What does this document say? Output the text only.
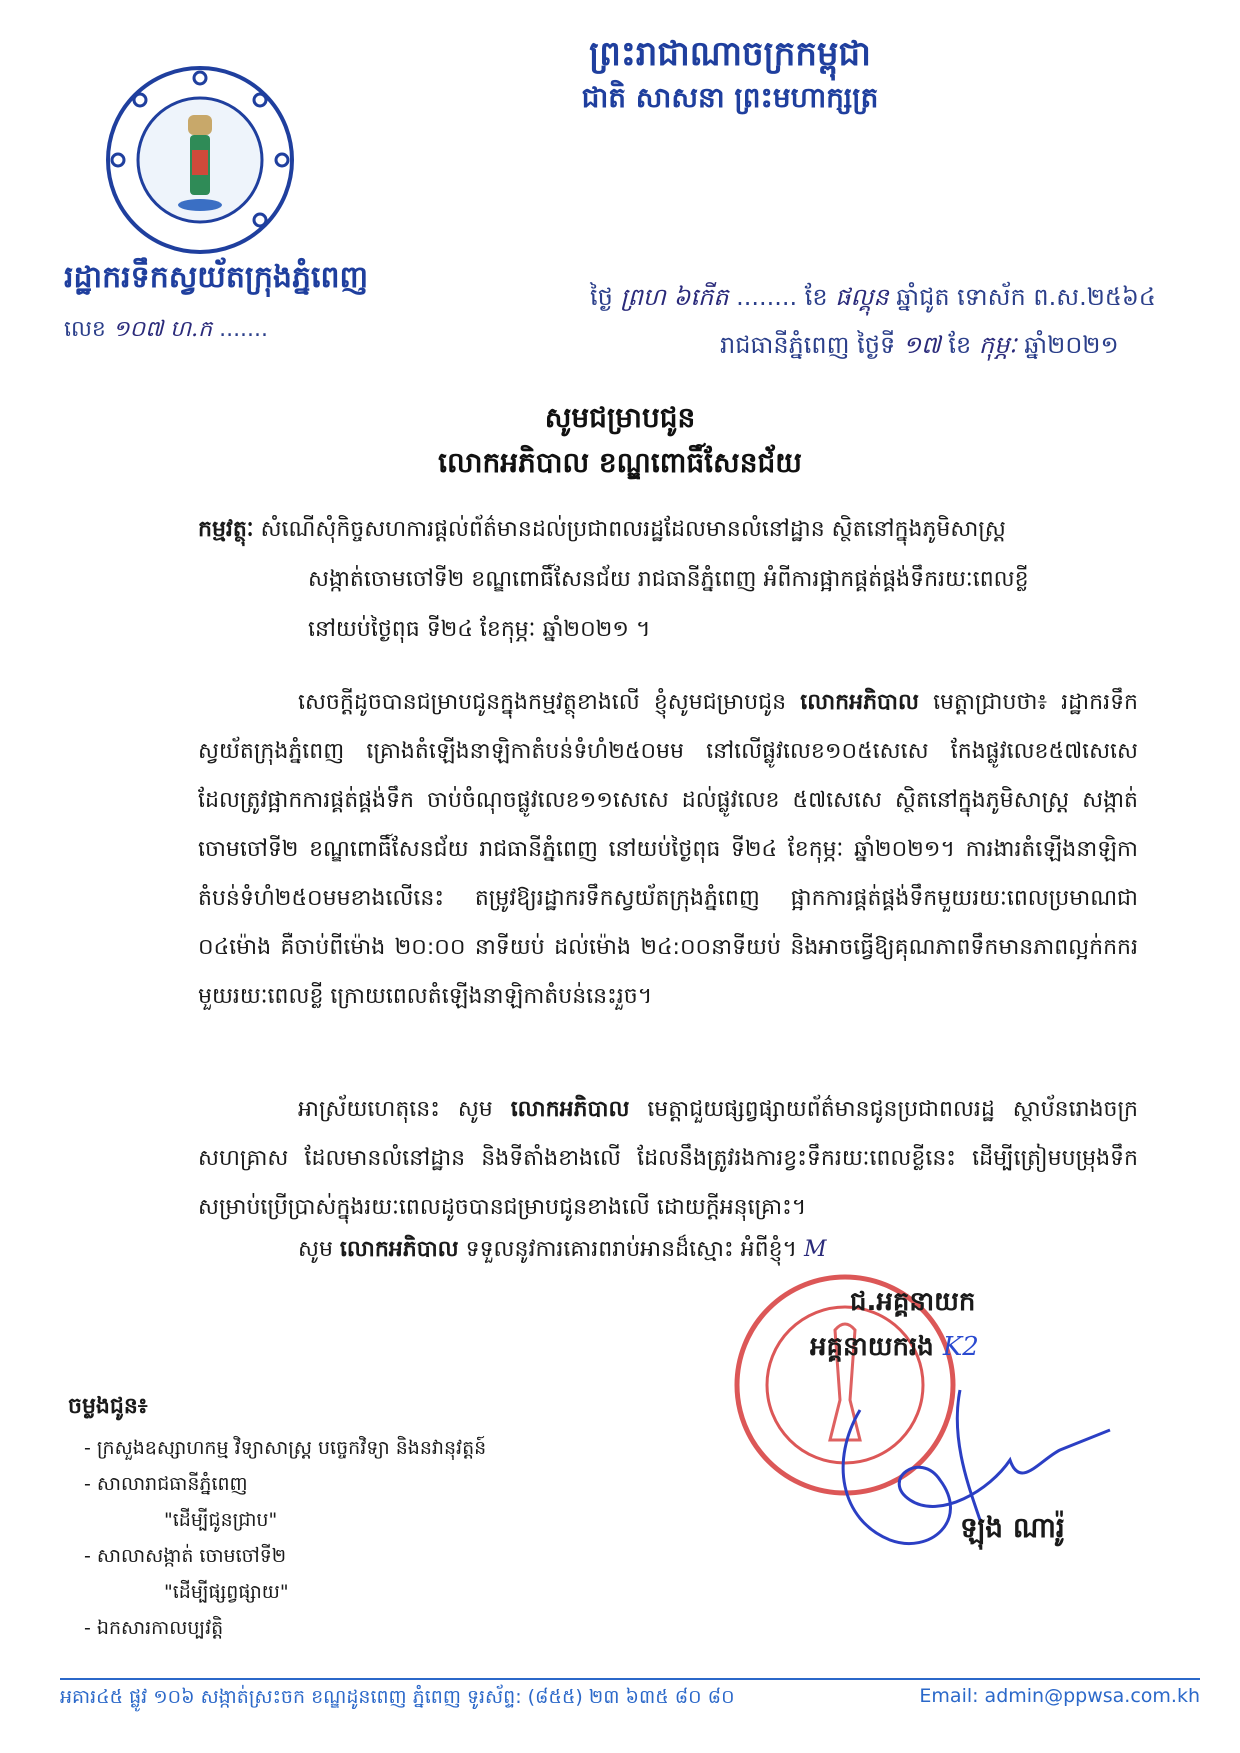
ព្រះរាជាណាចក្រកម្ពុជា
ជាតិ សាសនា ព្រះមហាក្សត្រ
រដ្ឋាករទឹកស្វយ័តក្រុងភ្នំពេញ
លេខ ១០៧ ហ.ក .......
ថ្ងៃ ព្រហ ៦កើត ........ ខែ ផល្គុន ឆ្នាំជូត ទោស័ក ព.ស.២៥៦៤
រាជធានីភ្នំពេញ ថ្ងៃទី ១៧ ខែ កុម្ភៈ ឆ្នាំ២០២១
សូមជម្រាបជូន
លោកអភិបាល ខណ្ឌពោធិ៍សែនជ័យ
កម្មវត្ថុៈ សំណើសុំកិច្ចសហការផ្តល់ព័ត៌មានដល់ប្រជាពលរដ្ឋដែលមានលំនៅដ្ឋាន ស្ថិតនៅក្នុងភូមិសាស្ត្រ
សង្កាត់ចោមចៅទី២ ខណ្ឌពោធិ៍សែនជ័យ រាជធានីភ្នំពេញ អំពីការផ្អាកផ្គត់ផ្គង់ទឹករយៈពេលខ្លី
នៅយប់ថ្ងៃពុធ ទី២៤ ខែកុម្ភៈ ឆ្នាំ២០២១ ។
សេចក្តីដូចបានជម្រាបជូនក្នុងកម្មវត្ថុខាងលើ ខ្ញុំសូមជម្រាបជូន លោកអភិបាល មេត្តាជ្រាបថា៖ រដ្ឋាករទឹកស្វយ័តក្រុងភ្នំពេញ គ្រោងតំឡើងនាឡិកាតំបន់ទំហំ២៥០មម នៅលើផ្លូវលេខ១០៥សេសេ កែងផ្លូវលេខ៥៧សេសេ ដែលត្រូវផ្អាកការផ្គត់ផ្គង់ទឹក ចាប់ចំណុចផ្លូវលេខ១១សេសេ ដល់ផ្លូវលេខ ៥៧សេសេ ស្ថិតនៅក្នុងភូមិសាស្ត្រ សង្កាត់ចោមចៅទី២ ខណ្ឌពោធិ៍សែនជ័យ រាជធានីភ្នំពេញ នៅយប់ថ្ងៃពុធ ទី២៤ ខែកុម្ភៈ ឆ្នាំ២០២១។ ការងារតំឡើងនាឡិកាតំបន់ទំហំ២៥០មមខាងលើនេះ តម្រូវឱ្យរដ្ឋាករទឹកស្វយ័តក្រុងភ្នំពេញ ផ្អាកការផ្គត់ផ្គង់ទឹកមួយរយៈពេលប្រមាណជា ០៤ម៉ោង គឺចាប់ពីម៉ោង ២០:០០ នាទីយប់ ដល់ម៉ោង ២៤:០០នាទីយប់ និងអាចធ្វើឱ្យគុណភាពទឹកមានភាពល្អក់កករមួយរយៈពេលខ្លី ក្រោយពេលតំឡើងនាឡិកាតំបន់នេះរួច។
អាស្រ័យហេតុនេះ សូម លោកអភិបាល មេត្តាជួយផ្សព្វផ្សាយព័ត៌មានជូនប្រជាពលរដ្ឋ ស្ថាប័នរោងចក្រ សហគ្រាស ដែលមានលំនៅដ្ឋាន និងទីតាំងខាងលើ ដែលនឹងត្រូវរងការខ្វះទឹករយៈពេលខ្លីនេះ ដើម្បីត្រៀមបម្រុងទឹកសម្រាប់ប្រើប្រាស់ក្នុងរយៈពេលដូចបានជម្រាបជូនខាងលើ ដោយក្តីអនុគ្រោះ។
សូម លោកអភិបាល ទទួលនូវការគោរពរាប់អានដ៏ស្មោះ អំពីខ្ញុំ។ M
ជ.អគ្គនាយក
អគ្គនាយករង K2
ឡុង ណារ៉ូ
ចម្លងជូន៖
- ក្រសួងឧស្សាហកម្ម វិទ្យាសាស្ត្រ បច្ចេកវិទ្យា និងនវានុវត្តន៍
- សាលារាជធានីភ្នំពេញ
"ដើម្បីជូនជ្រាប"
- សាលាសង្កាត់ ចោមចៅទី២
"ដើម្បីផ្សព្វផ្សាយ"
- ឯកសារកាលប្បវត្តិ
អគារ៤៥ ផ្លូវ ១០៦ សង្កាត់ស្រះចក ខណ្ឌដូនពេញ ភ្នំពេញ ទូរស័ព្ទ: (៨៥៥) ២៣ ៦៣៥ ៨០ ៨០	Email: admin@ppwsa.com.kh
